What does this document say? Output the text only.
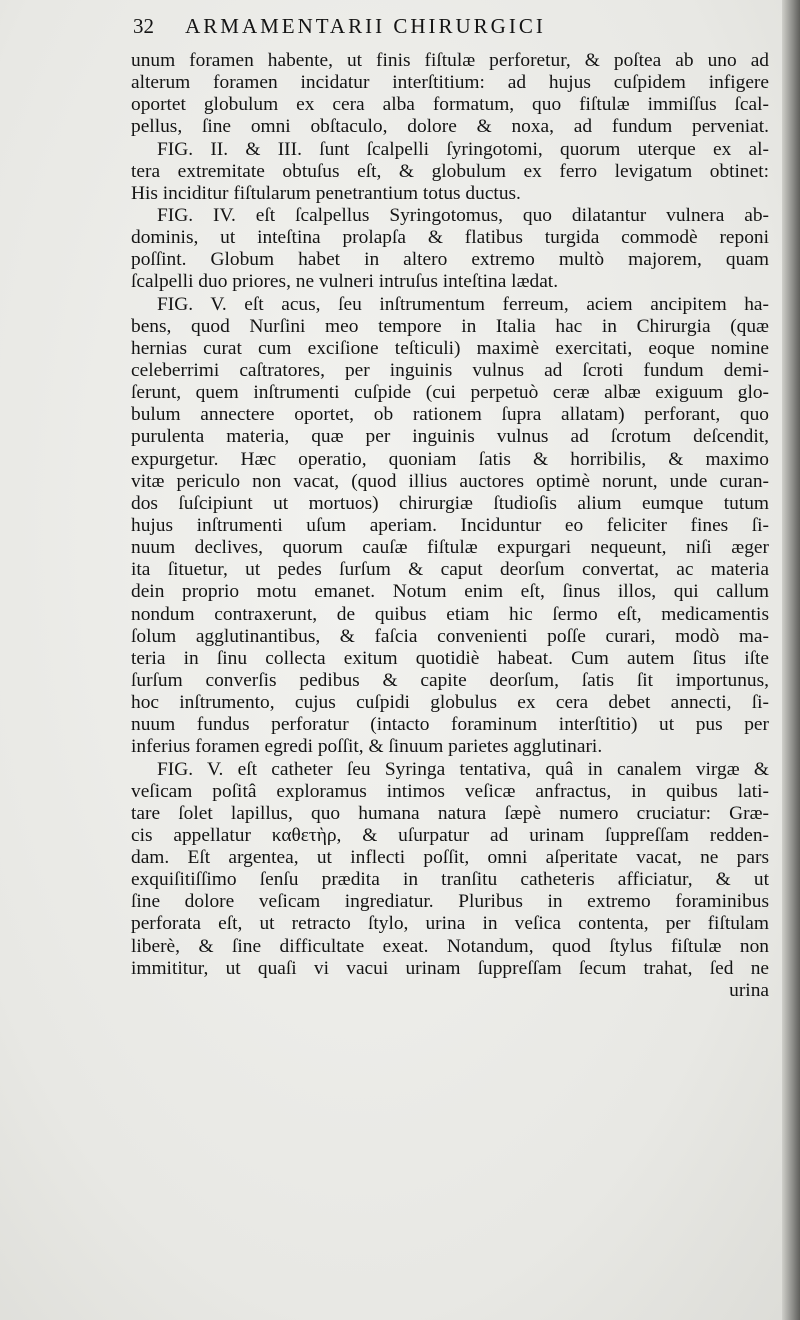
32 ARMAMENTARII CHIRURGICI
unum foramen habente, ut finis fiſtulæ perforetur, & poſtea ab uno ad
alterum foramen incidatur interſtitium: ad hujus cuſpidem infigere
oportet globulum ex cera alba formatum, quo fiſtulæ immiſſus ſcal-
pellus, ſine omni obſtaculo, dolore & noxa, ad fundum perveniat.
FIG. II. & III. ſunt ſcalpelli ſyringotomi, quorum uterque ex al-
tera extremitate obtuſus eſt, & globulum ex ferro levigatum obtinet:
His inciditur fiſtularum penetrantium totus ductus.
FIG. IV. eſt ſcalpellus Syringotomus, quo dilatantur vulnera ab-
dominis, ut inteſtina prolapſa & flatibus turgida commodè reponi
poſſint. Globum habet in altero extremo multò majorem, quam
ſcalpelli duo priores, ne vulneri intruſus inteſtina lædat.
FIG. V. eſt acus, ſeu inſtrumentum ferreum, aciem ancipitem ha-
bens, quod Nurſini meo tempore in Italia hac in Chirurgia (quæ
hernias curat cum exciſione teſticuli) maximè exercitati, eoque nomine
celeberrimi caſtratores, per inguinis vulnus ad ſcroti fundum demi-
ſerunt, quem inſtrumenti cuſpide (cui perpetuò ceræ albæ exiguum glo-
bulum annectere oportet, ob rationem ſupra allatam) perforant, quo
purulenta materia, quæ per inguinis vulnus ad ſcrotum deſcendit,
expurgetur. Hæc operatio, quoniam ſatis & horribilis, & maximo
vitæ periculo non vacat, (quod illius auctores optimè norunt, unde curan-
dos ſuſcipiunt ut mortuos) chirurgiæ ſtudioſis alium eumque tutum
hujus inſtrumenti uſum aperiam. Inciduntur eo feliciter fines ſi-
nuum declives, quorum cauſæ fiſtulæ expurgari nequeunt, niſi æger
ita ſituetur, ut pedes ſurſum & caput deorſum convertat, ac materia
dein proprio motu emanet. Notum enim eſt, ſinus illos, qui callum
nondum contraxerunt, de quibus etiam hic ſermo eſt, medicamentis
ſolum agglutinantibus, & faſcia convenienti poſſe curari, modò ma-
teria in ſinu collecta exitum quotidiè habeat. Cum autem ſitus iſte
ſurſum converſis pedibus & capite deorſum, ſatis ſit importunus,
hoc inſtrumento, cujus cuſpidi globulus ex cera debet annecti, ſi-
nuum fundus perforatur (intacto foraminum interſtitio) ut pus per
inferius foramen egredi poſſit, & ſinuum parietes agglutinari.
FIG. V. eſt catheter ſeu Syringa tentativa, quâ in canalem virgæ &
veſicam poſitâ exploramus intimos veſicæ anfractus, in quibus lati-
tare ſolet lapillus, quo humana natura ſæpè numero cruciatur: Græ-
cis appellatur καθετὴρ, & uſurpatur ad urinam ſuppreſſam redden-
dam. Eſt argentea, ut inflecti poſſit, omni aſperitate vacat, ne pars
exquiſitiſſimo ſenſu prædita in tranſitu catheteris afficiatur, & ut
ſine dolore veſicam ingrediatur. Pluribus in extremo foraminibus
perforata eſt, ut retracto ſtylo, urina in veſica contenta, per fiſtulam
liberè, & ſine difficultate exeat. Notandum, quod ſtylus fiſtulæ non
immititur, ut quaſi vi vacui urinam ſuppreſſam ſecum trahat, ſed ne
urina
